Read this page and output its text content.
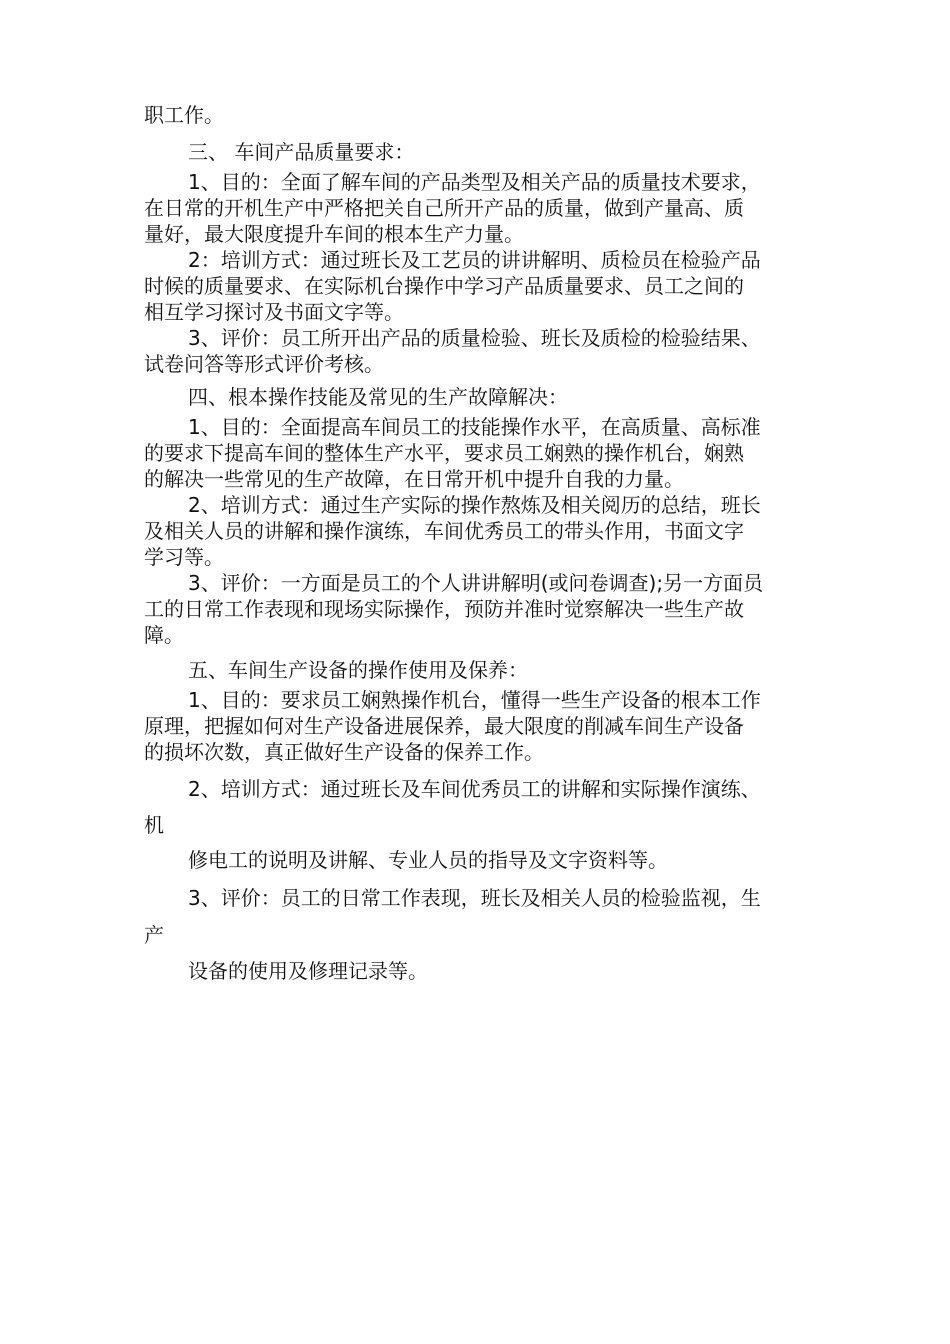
职工作。
三、 车间产品质量要求：
1、目的：全面了解车间的产品类型及相关产品的质量技术要求，
在日常的开机生产中严格把关自己所开产品的质量，做到产量高、质
量好，最大限度提升车间的根本生产力量。
2：培训方式：通过班长及工艺员的讲讲解明、质检员在检验产品
时候的质量要求、在实际机台操作中学习产品质量要求、员工之间的
相互学习探讨及书面文字等。
3、评价：员工所开出产品的质量检验、班长及质检的检验结果、
试卷问答等形式评价考核。
四、根本操作技能及常见的生产故障解决：
1、目的：全面提高车间员工的技能操作水平，在高质量、高标准
的要求下提高车间的整体生产水平，要求员工娴熟的操作机台，娴熟
的解决一些常见的生产故障，在日常开机中提升自我的力量。
2、培训方式：通过生产实际的操作熬炼及相关阅历的总结，班长
及相关人员的讲解和操作演练，车间优秀员工的带头作用，书面文字
学习等。
3、评价：一方面是员工的个人讲讲解明(或问卷调查);另一方面员
工的日常工作表现和现场实际操作，预防并准时觉察解决一些生产故
障。
五、车间生产设备的操作使用及保养：
1、目的：要求员工娴熟操作机台，懂得一些生产设备的根本工作
原理，把握如何对生产设备进展保养，最大限度的削减车间生产设备
的损坏次数，真正做好生产设备的保养工作。
2、培训方式：通过班长及车间优秀员工的讲解和实际操作演练、
机
修电工的说明及讲解、专业人员的指导及文字资料等。
3、评价：员工的日常工作表现，班长及相关人员的检验监视，生
产
设备的使用及修理记录等。
